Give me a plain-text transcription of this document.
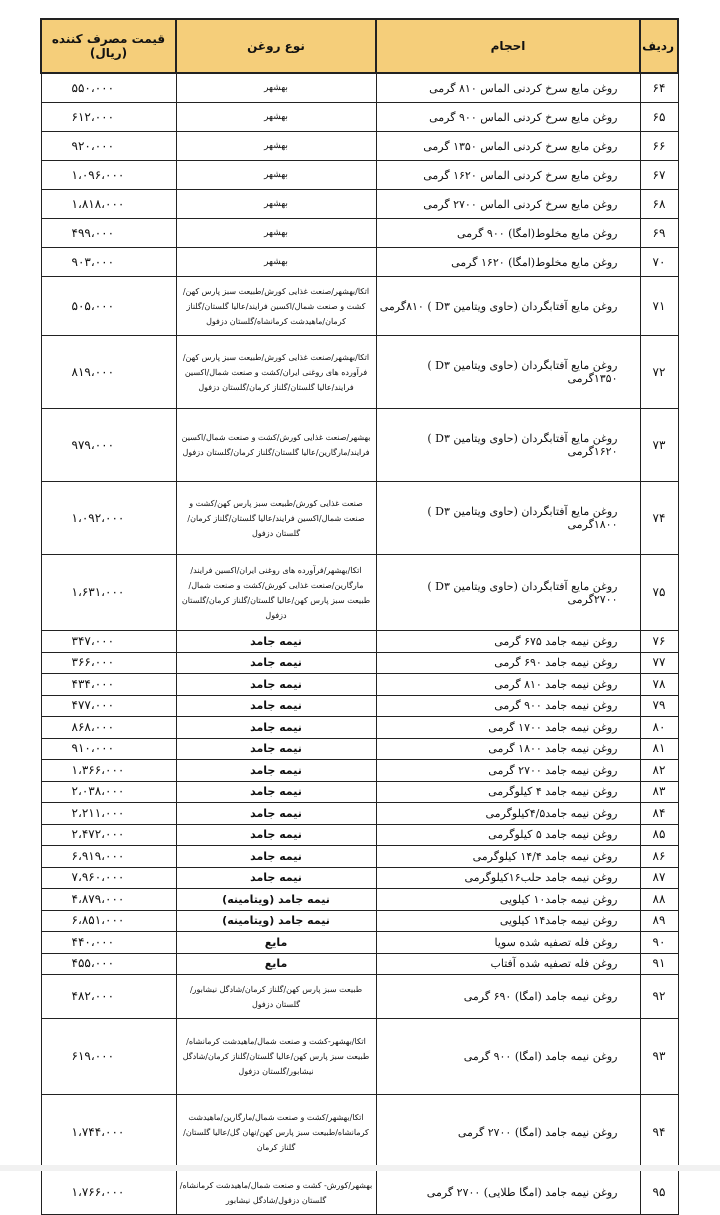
ردیف	احجام	نوع روغن	قیمت مصرف کننده (ریال)
۶۴	روغن مایع سرخ کردنی الماس ۸۱۰ گرمی	بهشهر	۵۵۰،۰۰۰
۶۵	روغن مایع سرخ کردنی الماس ۹۰۰ گرمی	بهشهر	۶۱۲،۰۰۰
۶۶	روغن مایع سرخ کردنی الماس ۱۳۵۰ گرمی	بهشهر	۹۲۰،۰۰۰
۶۷	روغن مایع سرخ کردنی الماس ۱۶۲۰ گرمی	بهشهر	۱،۰۹۶،۰۰۰
۶۸	روغن مایع سرخ کردنی الماس ۲۷۰۰ گرمی	بهشهر	۱،۸۱۸،۰۰۰
۶۹	روغن مایع مخلوط(امگا) ۹۰۰ گرمی	بهشهر	۴۹۹،۰۰۰
۷۰	روغن مایع مخلوط(امگا) ۱۶۲۰ گرمی	بهشهر	۹۰۳،۰۰۰
۷۱	روغن مایع آفتابگردان (حاوی ویتامین D۳ ) ۸۱۰گرمی	اتکا/بهشهر/صنعت غذایی کورش/طبیعت سبز پارس کهن/کشت و صنعت شمال/اکسین فرایند/عالیا گلستان/گلناز کرمان/ماهیدشت کرمانشاه/گلستان دزفول	۵۰۵،۰۰۰
۷۲	روغن مایع آفتابگردان (حاوی ویتامین D۳ ) ۱۳۵۰گرمی	اتکا/بهشهر/صنعت غذایی کورش/طبیعت سبز پارس کهن/فرآورده های روغنی ایران/کشت و صنعت شمال/اکسین فرایند/عالیا گلستان/گلناز کرمان/گلستان دزفول	۸۱۹،۰۰۰
۷۳	روغن مایع آفتابگردان (حاوی ویتامین D۳ ) ۱۶۲۰گرمی	بهشهر/صنعت غذایی کورش/کشت و صنعت شمال/اکسین فرایند/مارگارین/عالیا گلستان/گلناز کرمان/گلستان دزفول	۹۷۹،۰۰۰
۷۴	روغن مایع آفتابگردان (حاوی ویتامین D۳ ) ۱۸۰۰گرمی	صنعت غذایی کورش/طبیعت سبز پارس کهن/کشت و صنعت شمال/اکسین فرایند/عالیا گلستان/گلناز کرمان/گلستان دزفول	۱،۰۹۲،۰۰۰
۷۵	روغن مایع آفتابگردان (حاوی ویتامین D۳ ) ۲۷۰۰گرمی	اتکا/بهشهر/فرآورده های روغنی ایران/اکسین فرایند/مارگارین/صنعت غذایی کورش/کشت و صنعت شمال/طبیعت سبز پارس کهن/عالیا گلستان/گلناز کرمان/گلستان دزفول	۱،۶۳۱،۰۰۰
۷۶	روغن نیمه جامد ۶۷۵ گرمی	نیمه جامد	۳۴۷،۰۰۰
۷۷	روغن نیمه جامد ۶۹۰ گرمی	نیمه جامد	۳۶۶،۰۰۰
۷۸	روغن نیمه جامد ۸۱۰ گرمی	نیمه جامد	۴۳۴،۰۰۰
۷۹	روغن نیمه جامد ۹۰۰ گرمی	نیمه جامد	۴۷۷،۰۰۰
۸۰	روغن نیمه جامد ۱۷۰۰ گرمی	نیمه جامد	۸۶۸،۰۰۰
۸۱	روغن نیمه جامد ۱۸۰۰ گرمی	نیمه جامد	۹۱۰،۰۰۰
۸۲	روغن نیمه جامد ۲۷۰۰ گرمی	نیمه جامد	۱،۳۶۶،۰۰۰
۸۳	روغن نیمه جامد ۴ کیلوگرمی	نیمه جامد	۲،۰۳۸،۰۰۰
۸۴	روغن نیمه جامد۴/۵کیلوگرمی	نیمه جامد	۲،۲۱۱،۰۰۰
۸۵	روغن نیمه جامد ۵ کیلوگرمی	نیمه جامد	۲،۴۷۲،۰۰۰
۸۶	روغن نیمه جامد ۱۴/۴ کیلوگرمی	نیمه جامد	۶،۹۱۹،۰۰۰
۸۷	روغن نیمه جامد حلب۱۶کیلوگرمی	نیمه جامد	۷،۹۶۰،۰۰۰
۸۸	روغن نیمه جامد۱۰ کیلویی	نیمه جامد (ویتامینه)	۴،۸۷۹،۰۰۰
۸۹	روغن نیمه جامد۱۴ کیلویی	نیمه جامد (ویتامینه)	۶،۸۵۱،۰۰۰
۹۰	روغن فله تصفیه شده سویا	مایع	۴۴۰،۰۰۰
۹۱	روغن فله تصفیه شده آفتاب	مایع	۴۵۵،۰۰۰
۹۲	روغن نیمه جامد (امگا) ۶۹۰ گرمی	طبیعت سبز پارس کهن/گلناز کرمان/شادگل نیشابور/گلستان دزفول	۴۸۲،۰۰۰
۹۳	روغن نیمه جامد (امگا) ۹۰۰ گرمی	اتکا/بهشهر-کشت و صنعت شمال/ماهیدشت کرمانشاه/طبیعت سبز پارس کهن/عالیا گلستان/گلناز کرمان/شادگل نیشابور/گلستان دزفول	۶۱۹،۰۰۰
۹۴	روغن نیمه جامد (امگا) ۲۷۰۰ گرمی	اتکا/بهشهر/کشت و صنعت شمال/مارگارین/ماهیدشت کرمانشاه/طبیعت سبز پارس کهن/نهان گل/عالیا گلستان/گلناز کرمان	۱،۷۴۴،۰۰۰
۹۵	روغن نیمه جامد (امگا طلایی) ۲۷۰۰ گرمی	بهشهر/کورش- کشت و صنعت شمال/ماهیدشت کرمانشاه/گلستان دزفول/شادگل نیشابور	۱،۷۶۶،۰۰۰
